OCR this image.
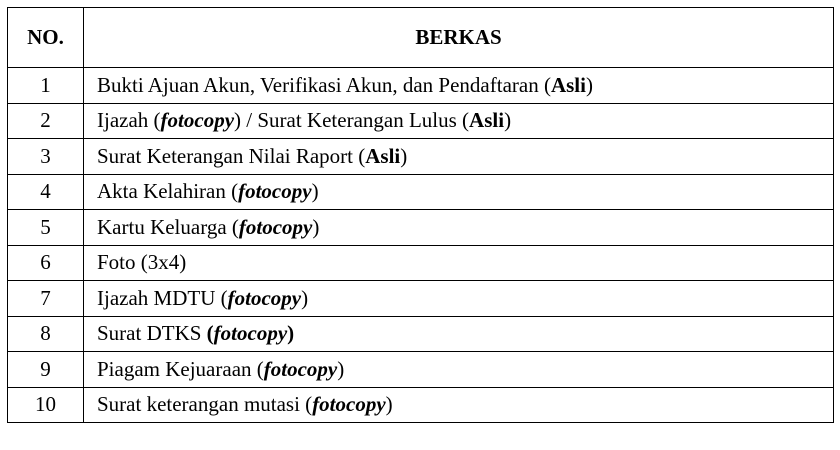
NO.	BERKAS
1	Bukti Ajuan Akun, Verifikasi Akun, dan Pendaftaran (Asli)
2	Ijazah (fotocopy) / Surat Keterangan Lulus (Asli)
3	Surat Keterangan Nilai Raport (Asli)
4	Akta Kelahiran (fotocopy)
5	Kartu Keluarga (fotocopy)
6	Foto (3x4)
7	Ijazah MDTU (fotocopy)
8	Surat DTKS (fotocopy)
9	Piagam Kejuaraan (fotocopy)
10	Surat keterangan mutasi (fotocopy)
